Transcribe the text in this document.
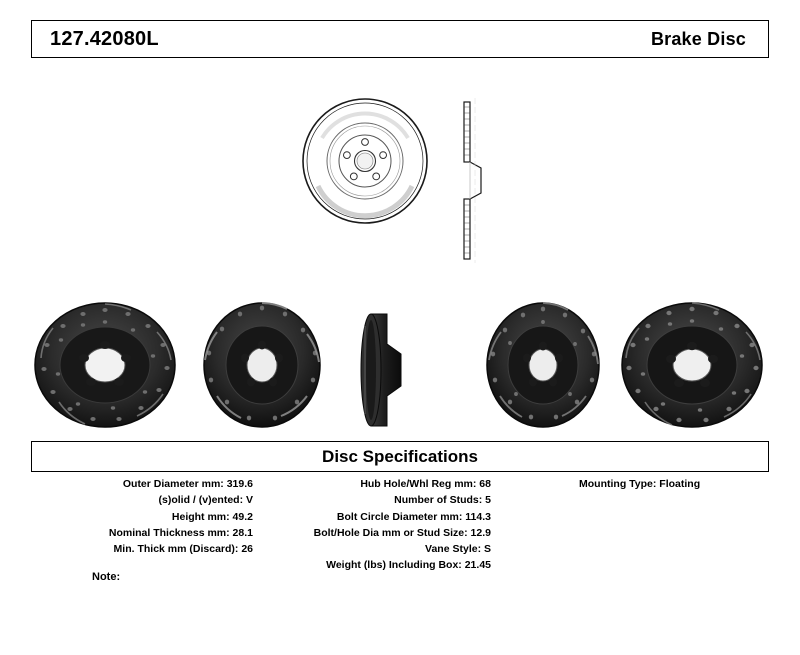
127.42080L	Brake Disc
Disc Specifications
Outer Diameter mm: 319.6
(s)olid / (v)ented: V
Height mm: 49.2
Nominal Thickness mm: 28.1
Min. Thick mm (Discard): 26
Hub Hole/Whl Reg mm: 68
Number of Studs: 5
Bolt Circle Diameter mm: 114.3
Bolt/Hole Dia mm or Stud Size: 12.9
Vane Style: S
Weight (lbs) Including Box: 21.45
Mounting Type: Floating
Note:
